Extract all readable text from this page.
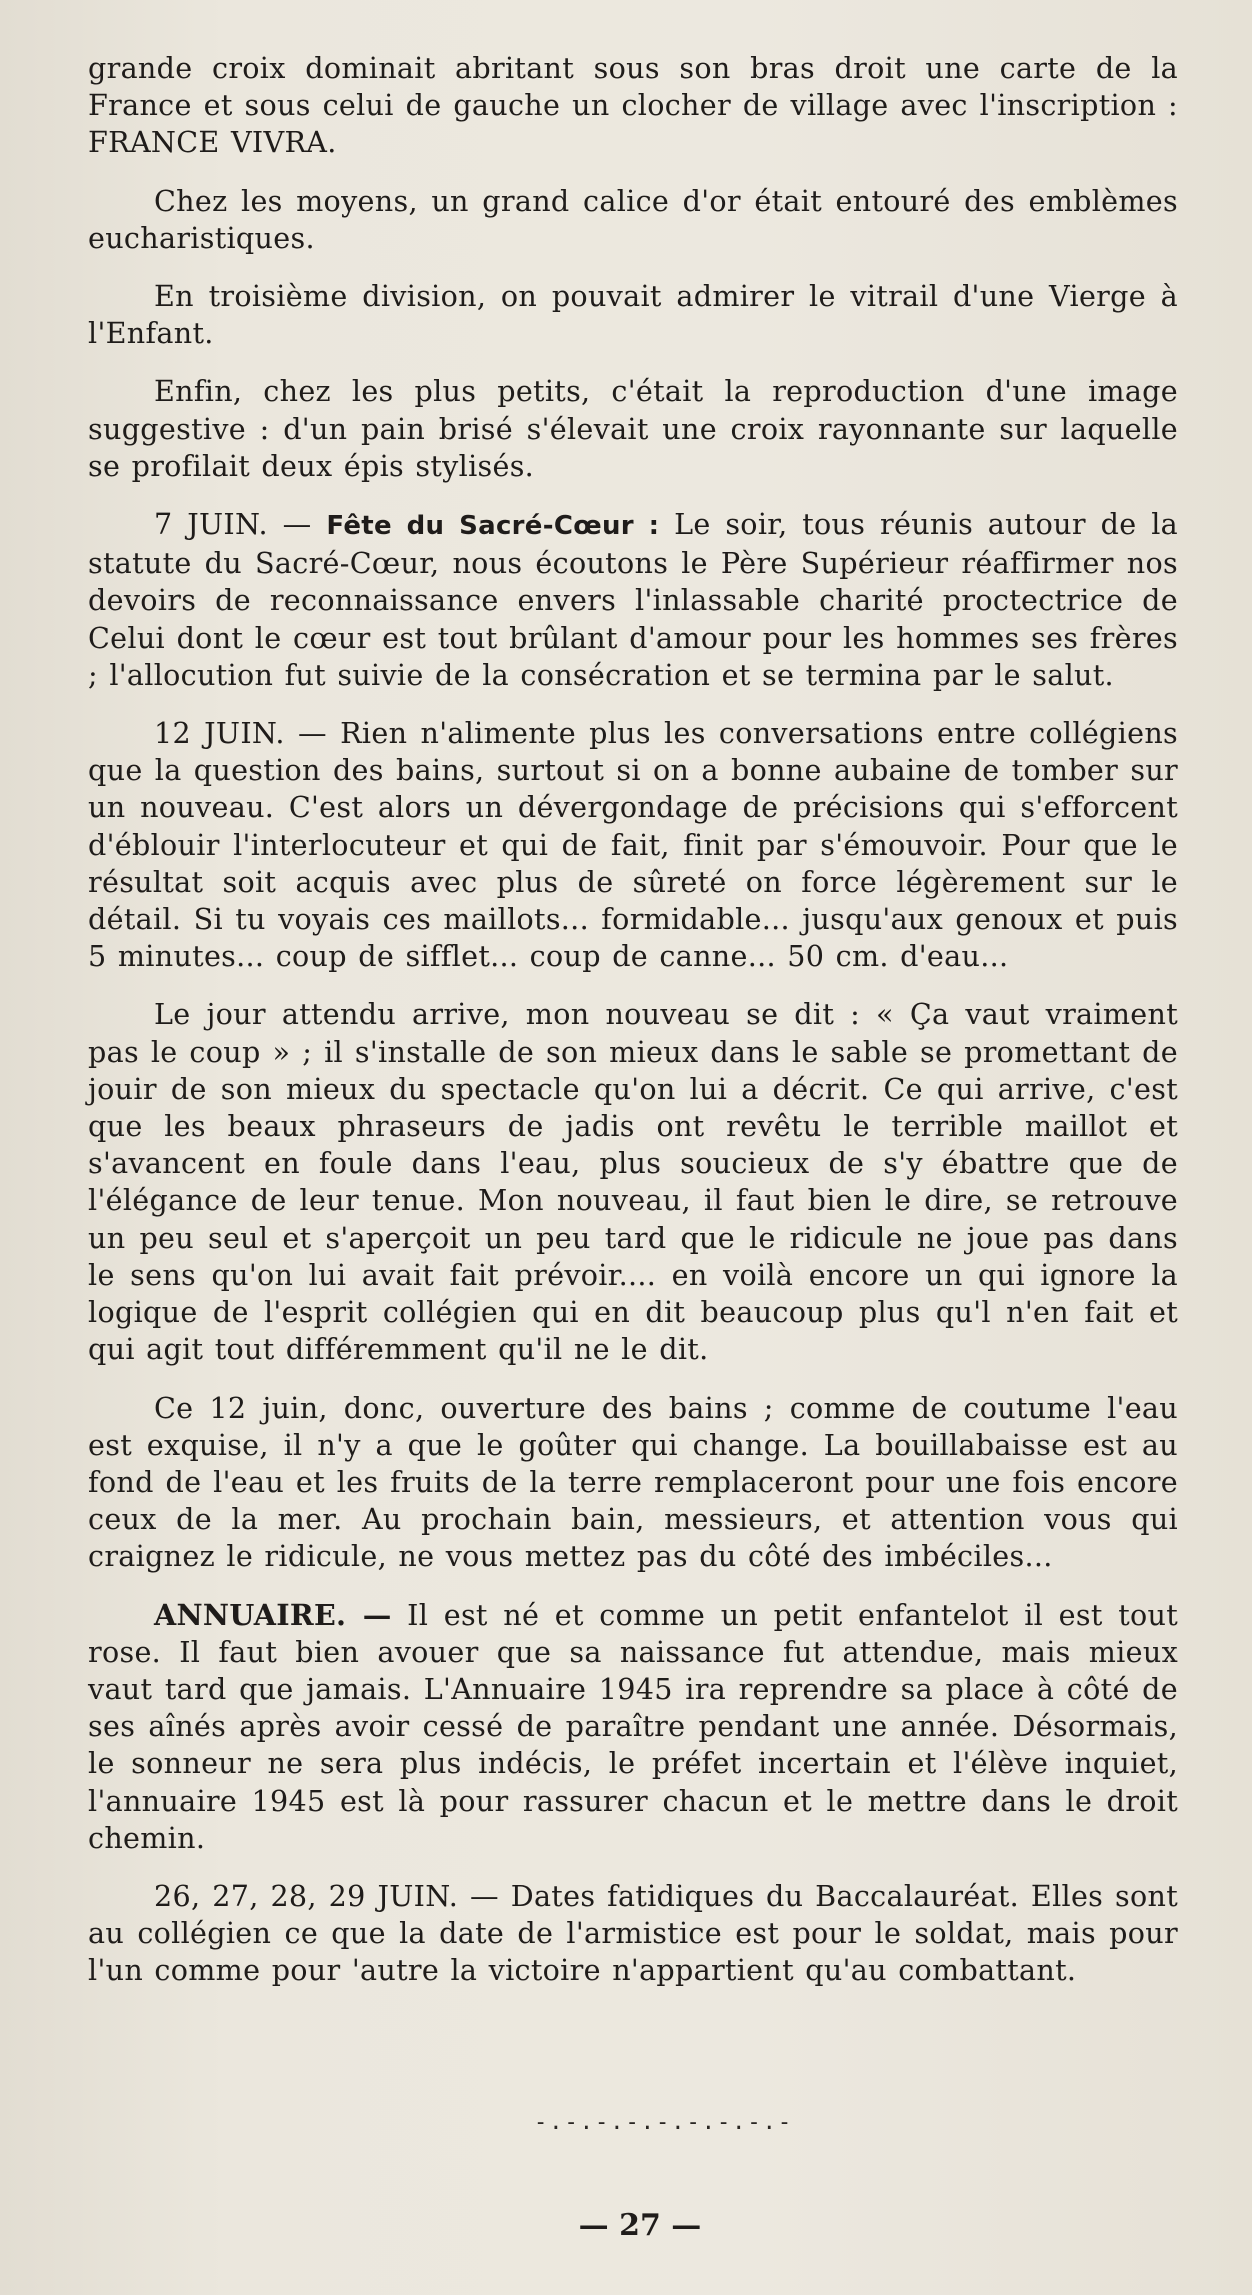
grande croix dominait abritant sous son bras droit une carte de la France et sous celui de gauche un clocher de village avec l'inscription : FRANCE VIVRA.

Chez les moyens, un grand calice d'or était entouré des emblèmes eucharistiques.

En troisième division, on pouvait admirer le vitrail d'une Vierge à l'Enfant.

Enfin, chez les plus petits, c'était la reproduction d'une image suggestive : d'un pain brisé s'élevait une croix rayonnante sur laquelle se profilait deux épis stylisés.

7 JUIN. — Fête du Sacré-Cœur : Le soir, tous réunis autour de la statute du Sacré-Cœur, nous écoutons le Père Supérieur réaffirmer nos devoirs de reconnaissance envers l'inlassable charité proctectrice de Celui dont le cœur est tout brûlant d'amour pour les hommes ses frères ; l'allocution fut suivie de la consécration et se termina par le salut.

12 JUIN. — Rien n'alimente plus les conversations entre collégiens que la question des bains, surtout si on a bonne aubaine de tomber sur un nouveau. C'est alors un dévergondage de précisions qui s'efforcent d'éblouir l'interlocuteur et qui de fait, finit par s'émouvoir. Pour que le résultat soit acquis avec plus de sûreté on force légèrement sur le détail. Si tu voyais ces maillots... formidable... jusqu'aux genoux et puis 5 minutes... coup de sifflet... coup de canne... 50 cm. d'eau...

Le jour attendu arrive, mon nouveau se dit : « Ça vaut vraiment pas le coup » ; il s'installe de son mieux dans le sable se promettant de jouir de son mieux du spectacle qu'on lui a décrit. Ce qui arrive, c'est que les beaux phraseurs de jadis ont revêtu le terrible maillot et s'avancent en foule dans l'eau, plus soucieux de s'y ébattre que de l'élégance de leur tenue. Mon nouveau, il faut bien le dire, se retrouve un peu seul et s'aperçoit un peu tard que le ridicule ne joue pas dans le sens qu'on lui avait fait prévoir.... en voilà encore un qui ignore la logique de l'esprit collégien qui en dit beaucoup plus qu'l n'en fait et qui agit tout différemment qu'il ne le dit.

Ce 12 juin, donc, ouverture des bains ; comme de coutume l'eau est exquise, il n'y a que le goûter qui change. La bouillabaisse est au fond de l'eau et les fruits de la terre remplaceront pour une fois encore ceux de la mer. Au prochain bain, messieurs, et attention vous qui craignez le ridicule, ne vous mettez pas du côté des imbéciles...

ANNUAIRE. — Il est né et comme un petit enfantelot il est tout rose. Il faut bien avouer que sa naissance fut attendue, mais mieux vaut tard que jamais. L'Annuaire 1945 ira reprendre sa place à côté de ses aînés après avoir cessé de paraître pendant une année. Désormais, le sonneur ne sera plus indécis, le préfet incertain et l'élève inquiet, l'annuaire 1945 est là pour rassurer chacun et le mettre dans le droit chemin.

26, 27, 28, 29 JUIN. — Dates fatidiques du Baccalauréat. Elles sont au collégien ce que la date de l'armistice est pour le soldat, mais pour l'un comme pour 'autre la victoire n'appartient qu'au combattant.

-.-.-.-.-.-.-.-.-
— 27 —
